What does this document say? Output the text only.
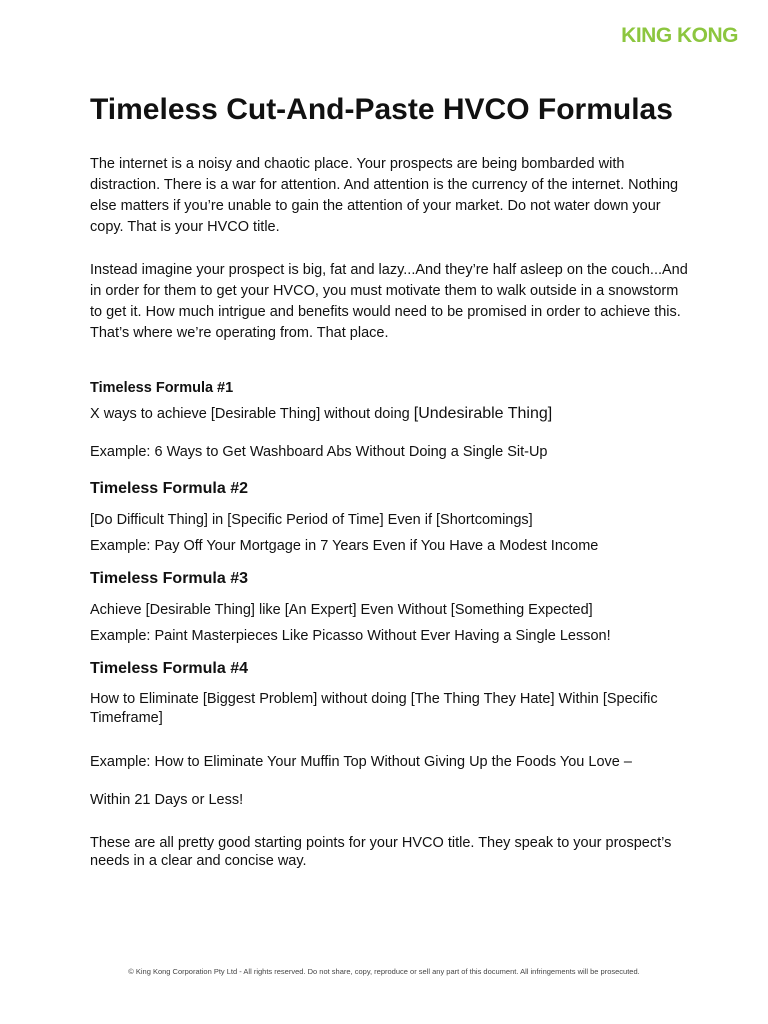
KING KONG
Timeless Cut-And-Paste HVCO Formulas

The internet is a noisy and chaotic place. Your prospects are being bombarded with distraction. There is a war for attention. And attention is the currency of the internet. Nothing else matters if you’re unable to gain the attention of your market. Do not water down your copy. That is your HVCO title.

Instead imagine your prospect is big, fat and lazy...And they’re half asleep on the couch...And in order for them to get your HVCO, you must motivate them to walk outside in a snowstorm to get it. How much intrigue and benefits would need to be promised in order to achieve this. That’s where we’re operating from. That place.

Timeless Formula #1
X ways to achieve [Desirable Thing] without doing [Undesirable Thing]
Example: 6 Ways to Get Washboard Abs Without Doing a Single Sit-Up
Timeless Formula #2
[Do Difficult Thing] in [Specific Period of Time] Even if [Shortcomings]
Example: Pay Off Your Mortgage in 7 Years Even if You Have a Modest Income
Timeless Formula #3
Achieve [Desirable Thing] like [An Expert] Even Without [Something Expected]
Example: Paint Masterpieces Like Picasso Without Ever Having a Single Lesson!
Timeless Formula #4
How to Eliminate [Biggest Problem] without doing [The Thing They Hate] Within [Specific Timeframe]
Example: How to Eliminate Your Muffin Top Without Giving Up the Foods You Love –
Within 21 Days or Less!

These are all pretty good starting points for your HVCO title. They speak to your prospect’s needs in a clear and concise way.

© King Kong Corporation Pty Ltd - All rights reserved. Do not share, copy, reproduce or sell any part of this document. All infringements will be prosecuted.
